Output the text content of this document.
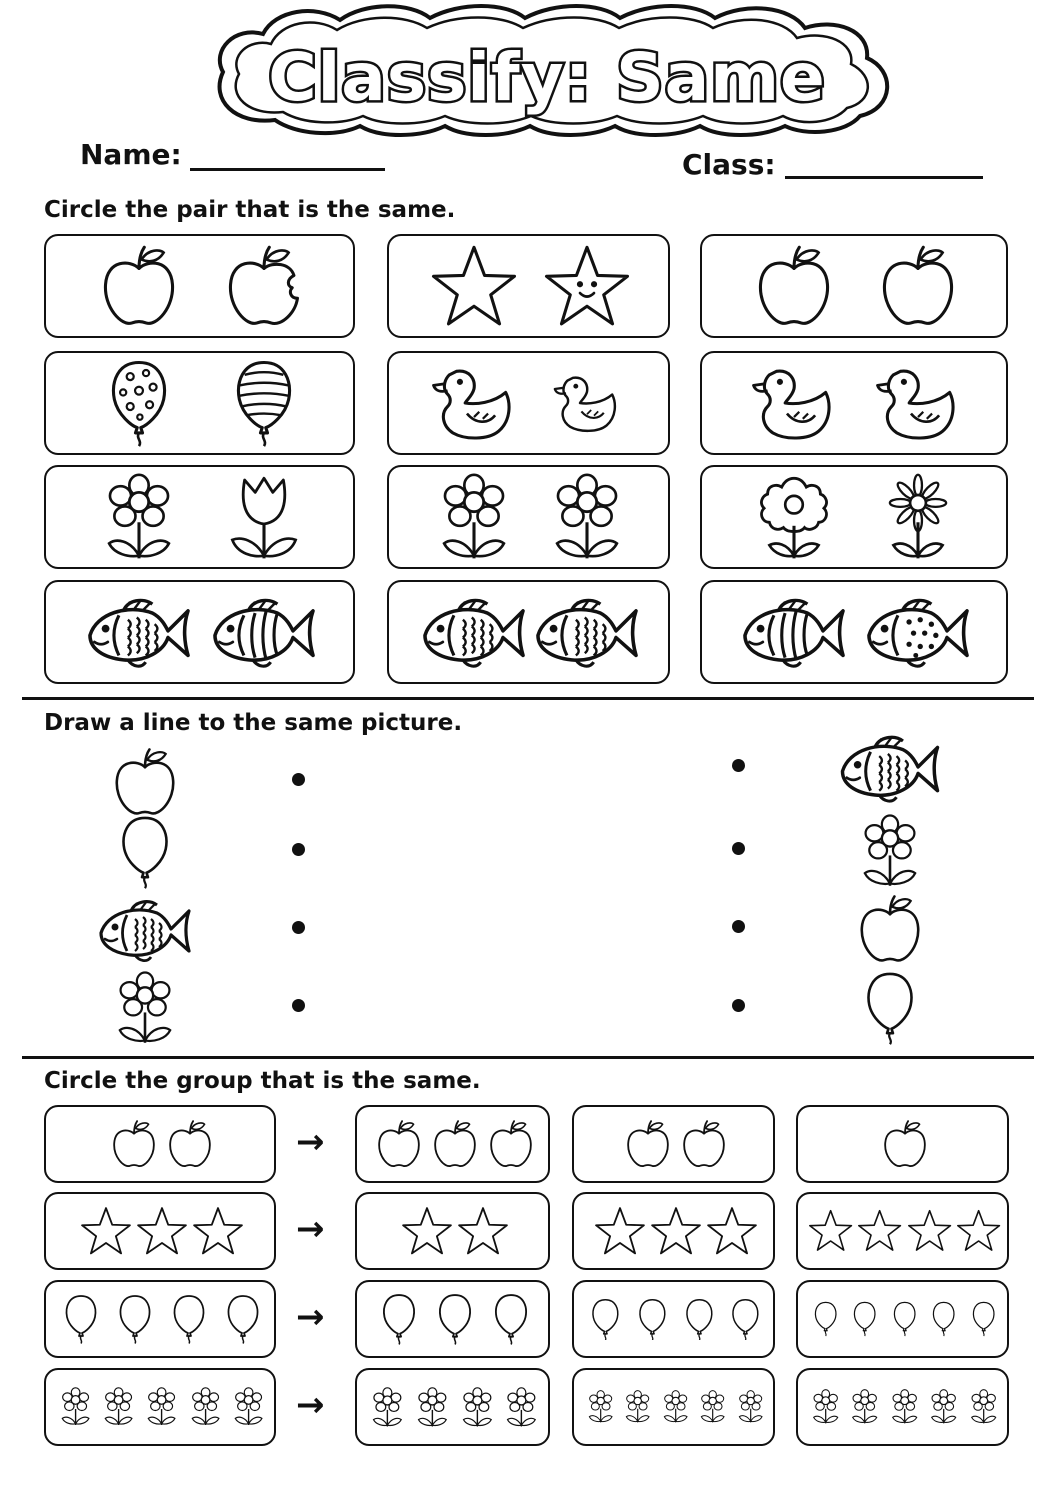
Classify: Same
Name:	Class:
Circle the pair that is the same.
Draw a line to the same picture.
Circle the group that is the same.
→
→
→
→
